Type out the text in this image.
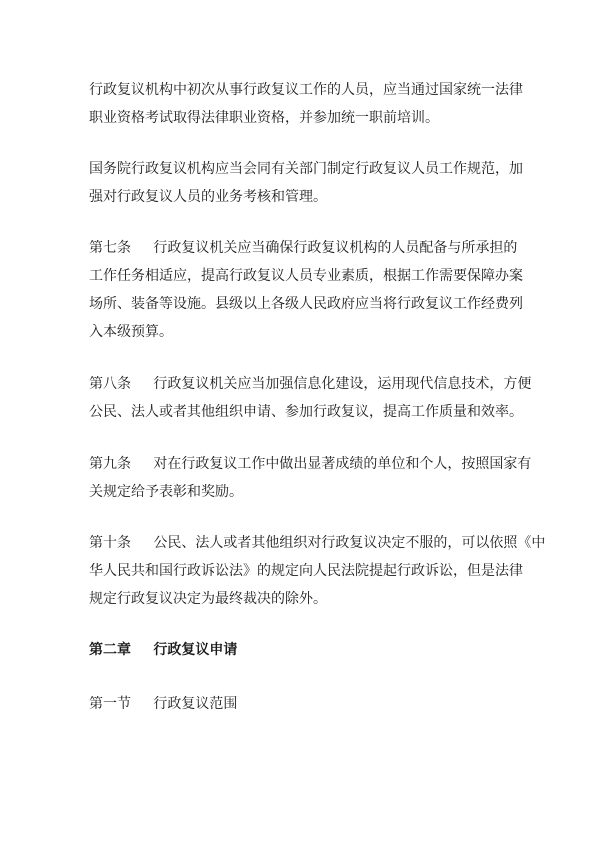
行政复议机构中初次从事行政复议工作的人员，应当通过国家统一法律
职业资格考试取得法律职业资格，并参加统一职前培训。

国务院行政复议机构应当会同有关部门制定行政复议人员工作规范，加
强对行政复议人员的业务考核和管理。

第七条 行政复议机关应当确保行政复议机构的人员配备与所承担的
工作任务相适应，提高行政复议人员专业素质，根据工作需要保障办案
场所、装备等设施。县级以上各级人民政府应当将行政复议工作经费列
入本级预算。

第八条 行政复议机关应当加强信息化建设，运用现代信息技术，方便
公民、法人或者其他组织申请、参加行政复议，提高工作质量和效率。

第九条 对在行政复议工作中做出显著成绩的单位和个人，按照国家有
关规定给予表彰和奖励。

第十条 公民、法人或者其他组织对行政复议决定不服的，可以依照《中
华人民共和国行政诉讼法》的规定向人民法院提起行政诉讼，但是法律
规定行政复议决定为最终裁决的除外。

第二章 行政复议申请

第一节 行政复议范围
